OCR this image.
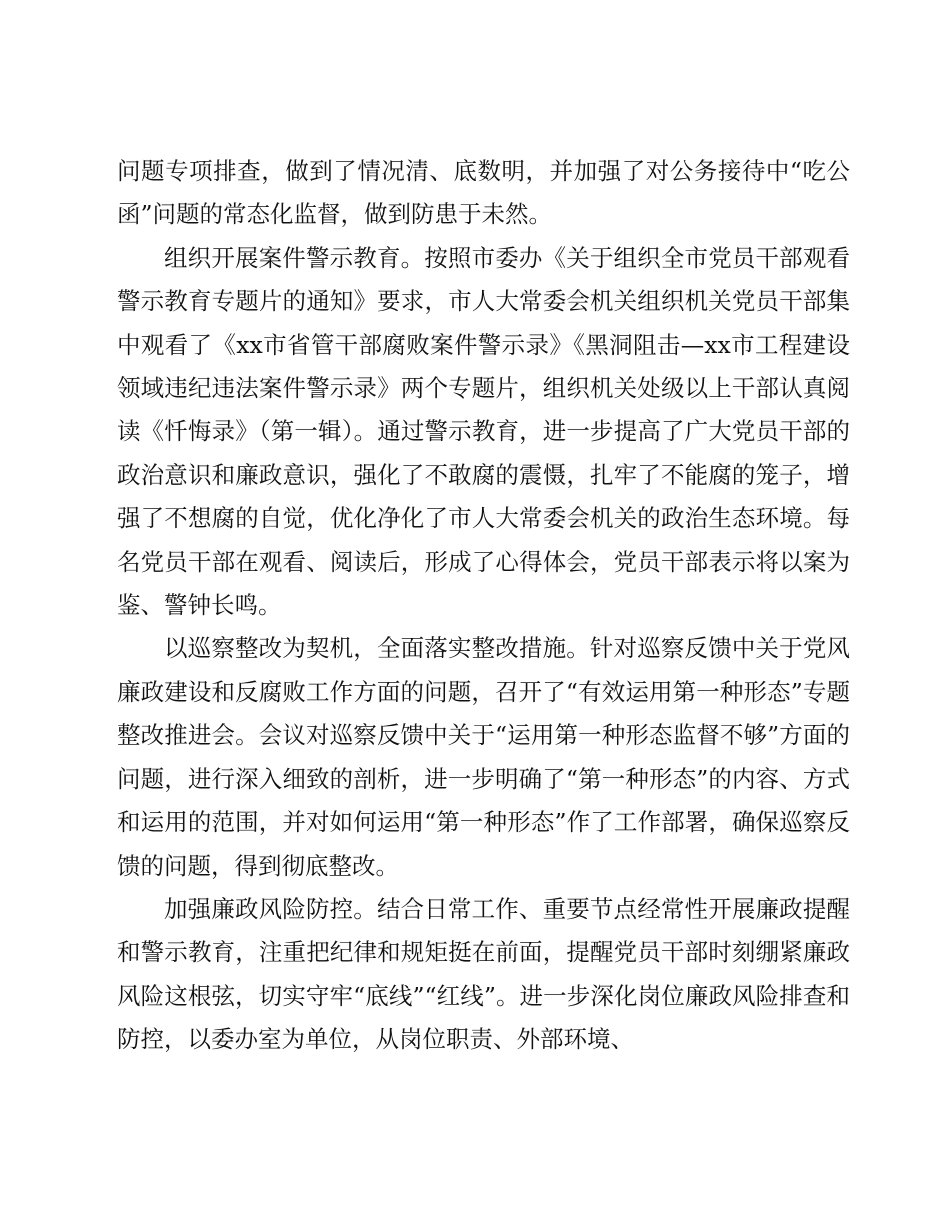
问题专项排查，做到了情况清、底数明，并加强了对公务接待中“吃公函”问题的常态化监督，做到防患于未然。

组织开展案件警示教育。按照市委办《关于组织全市党员干部观看警示教育专题片的通知》要求，市人大常委会机关组织机关党员干部集中观看了《xx市省管干部腐败案件警示录》《黑洞阻击—xx市工程建设领域违纪违法案件警示录》两个专题片，组织机关处级以上干部认真阅读《忏悔录》（第一辑）。通过警示教育，进一步提高了广大党员干部的政治意识和廉政意识，强化了不敢腐的震慑，扎牢了不能腐的笼子，增强了不想腐的自觉，优化净化了市人大常委会机关的政治生态环境。每名党员干部在观看、阅读后，形成了心得体会，党员干部表示将以案为鉴、警钟长鸣。

以巡察整改为契机，全面落实整改措施。针对巡察反馈中关于党风廉政建设和反腐败工作方面的问题，召开了“有效运用第一种形态”专题整改推进会。会议对巡察反馈中关于“运用第一种形态监督不够”方面的问题，进行深入细致的剖析，进一步明确了“第一种形态”的内容、方式和运用的范围，并对如何运用“第一种形态”作了工作部署，确保巡察反馈的问题，得到彻底整改。

加强廉政风险防控。结合日常工作、重要节点经常性开展廉政提醒和警示教育，注重把纪律和规矩挺在前面，提醒党员干部时刻绷紧廉政风险这根弦，切实守牢“底线”“红线”。进一步深化岗位廉政风险排查和防控，以委办室为单位，从岗位职责、外部环境、
